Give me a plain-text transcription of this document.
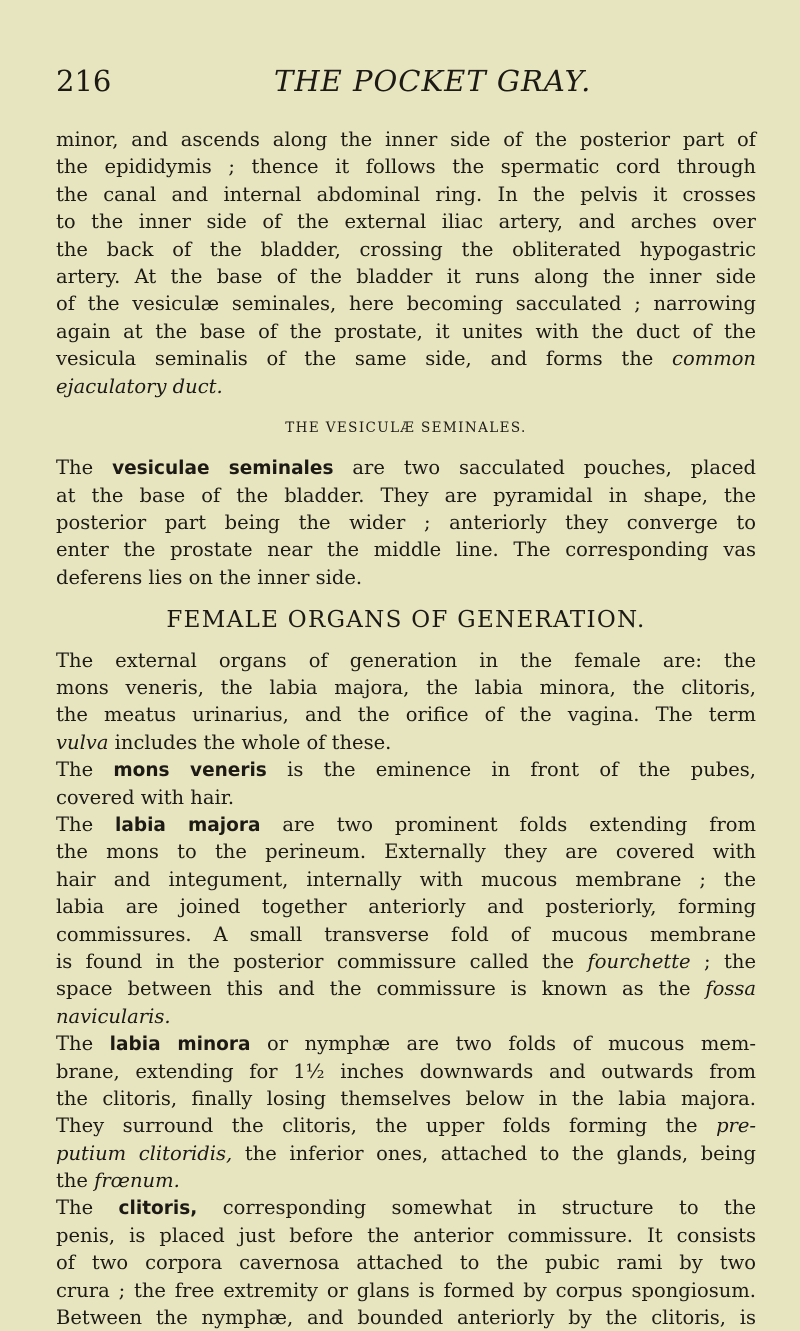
216	THE POCKET GRAY.
minor, and ascends along the inner side of the posterior part of
the epididymis ; thence it follows the spermatic cord through
the canal and internal abdominal ring. In the pelvis it crosses
to the inner side of the external iliac artery, and arches over
the back of the bladder, crossing the obliterated hypogastric
artery. At the base of the bladder it runs along the inner side
of the vesiculæ seminales, here becoming sacculated ; narrowing
again at the base of the prostate, it unites with the duct of the
vesicula seminalis of the same side, and forms the common
ejaculatory duct.
THE VESICULÆ SEMINALES.
The vesiculae seminales are two sacculated pouches, placed
at the base of the bladder. They are pyramidal in shape, the
posterior part being the wider ; anteriorly they converge to
enter the prostate near the middle line. The corresponding vas
deferens lies on the inner side.
FEMALE ORGANS OF GENERATION.
The external organs of generation in the female are: the
mons veneris, the labia majora, the labia minora, the clitoris,
the meatus urinarius, and the orifice of the vagina. The term
vulva includes the whole of these.
The mons veneris is the eminence in front of the pubes,
covered with hair.
The labia majora are two prominent folds extending from
the mons to the perineum. Externally they are covered with
hair and integument, internally with mucous membrane ; the
labia are joined together anteriorly and posteriorly, forming
commissures. A small transverse fold of mucous membrane
is found in the posterior commissure called the fourchette ; the
space between this and the commissure is known as the fossa
navicularis.
The labia minora or nymphæ are two folds of mucous mem-
brane, extending for 1½ inches downwards and outwards from
the clitoris, finally losing themselves below in the labia majora.
They surround the clitoris, the upper folds forming the pre-
putium clitoridis, the inferior ones, attached to the glands, being
the frœnum.
The clitoris, corresponding somewhat in structure to the
penis, is placed just before the anterior commissure. It consists
of two corpora cavernosa attached to the pubic rami by two
crura ; the free extremity or glans is formed by corpus spongiosum.
Between the nymphæ, and bounded anteriorly by the clitoris, is
